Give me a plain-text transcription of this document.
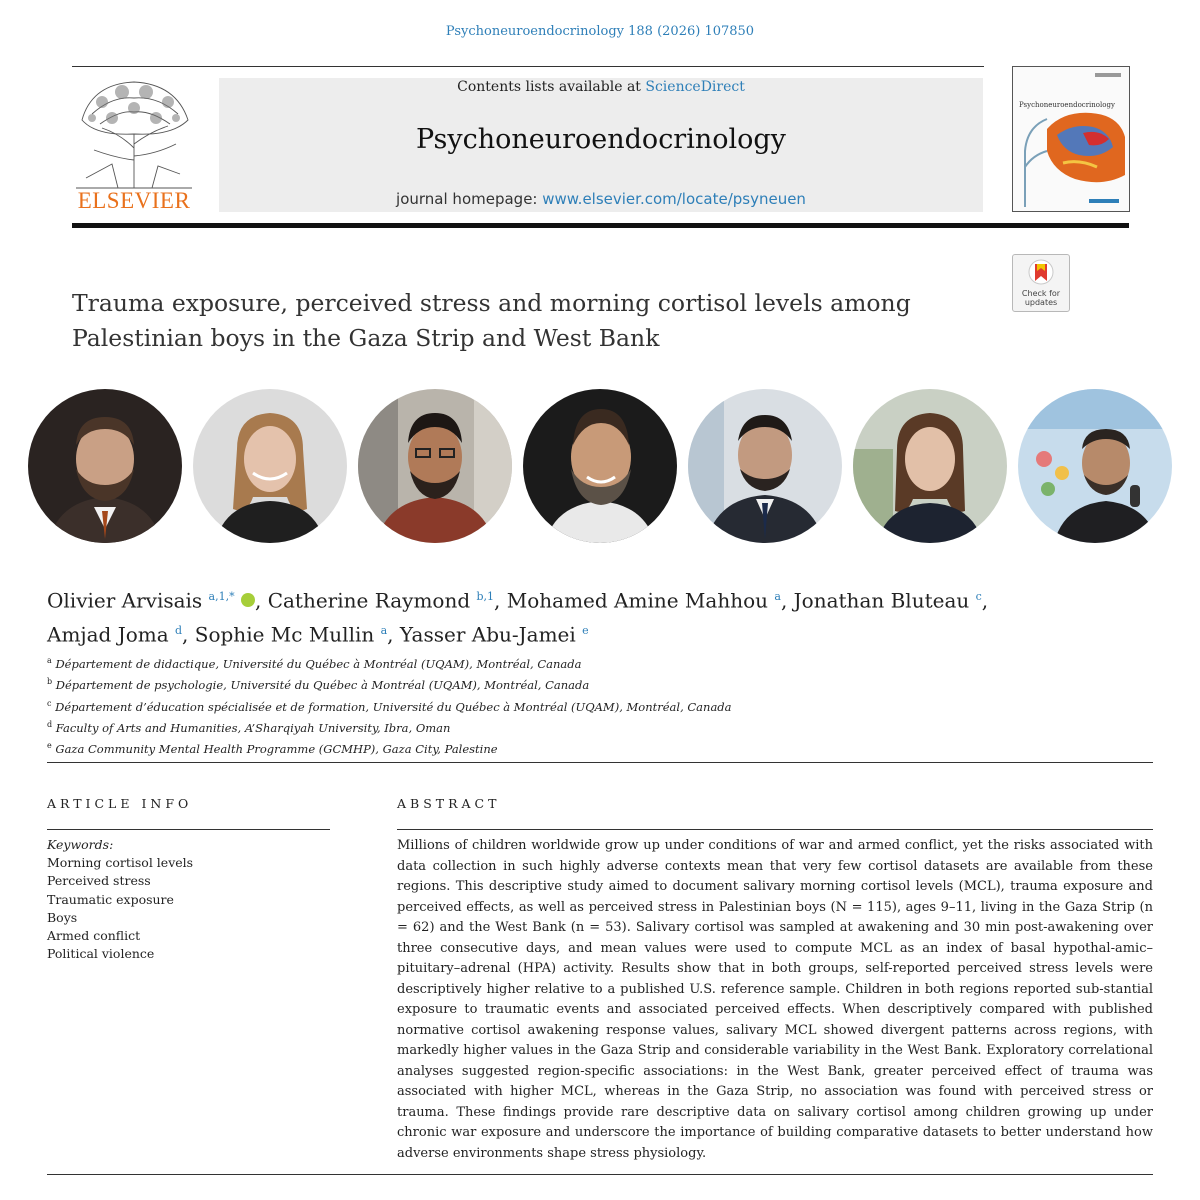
Psychoneuroendocrinology 188 (2026) 107850
ELSEVIER
Contents lists available at ScienceDirect
Psychoneuroendocrinology
journal homepage: www.elsevier.com/locate/psyneuen
Psychoneuroendocrinology
Check for updates
Trauma exposure, perceived stress and morning cortisol levels among Palestinian boys in the Gaza Strip and West Bank
Olivier Arvisais $^{a,1,*}$ , Catherine Raymond $^{b,1}$, Mohamed Amine Mahhou $^a$, Jonathan Bluteau $^c$,
Amjad Joma $^d$, Sophie Mc Mullin $^a$, Yasser Abu-Jamei $^e$
$^a$ Département de didactique, Université du Québec à Montréal (UQAM), Montréal, Canada
$^b$ Département de psychologie, Université du Québec à Montréal (UQAM), Montréal, Canada
$^c$ Département d’éducation spécialisée et de formation, Université du Québec à Montréal (UQAM), Montréal, Canada
$^d$ Faculty of Arts and Humanities, A’Sharqiyah University, Ibra, Oman
$^e$ Gaza Community Mental Health Programme (GCMHP), Gaza City, Palestine
ARTICLE INFO
Keywords:
Morning cortisol levels
Perceived stress
Traumatic exposure
Boys
Armed conflict
Political violence
ABSTRACT
Millions of children worldwide grow up under conditions of war and armed conflict, yet the risks associated with data collection in such highly adverse contexts mean that very few cortisol datasets are available from these regions. This descriptive study aimed to document salivary morning cortisol levels (MCL), trauma exposure and perceived effects, as well as perceived stress in Palestinian boys (N = 115), ages 9–11, living in the Gaza Strip (n = 62) and the West Bank (n = 53). Salivary cortisol was sampled at awakening and 30 min post-awakening over three consecutive days, and mean values were used to compute MCL as an index of basal hypothal-amic–pituitary–adrenal (HPA) activity. Results show that in both groups, self-reported perceived stress levels were descriptively higher relative to a published U.S. reference sample. Children in both regions reported sub-stantial exposure to traumatic events and associated perceived effects. When descriptively compared with published normative cortisol awakening response values, salivary MCL showed divergent patterns across regions, with markedly higher values in the Gaza Strip and considerable variability in the West Bank. Exploratory correlational analyses suggested region-specific associations: in the West Bank, greater perceived effect of trauma was associated with higher MCL, whereas in the Gaza Strip, no association was found with perceived stress or trauma. These findings provide rare descriptive data on salivary cortisol among children growing up under chronic war exposure and underscore the importance of building comparative datasets to better understand how adverse environments shape stress physiology.
